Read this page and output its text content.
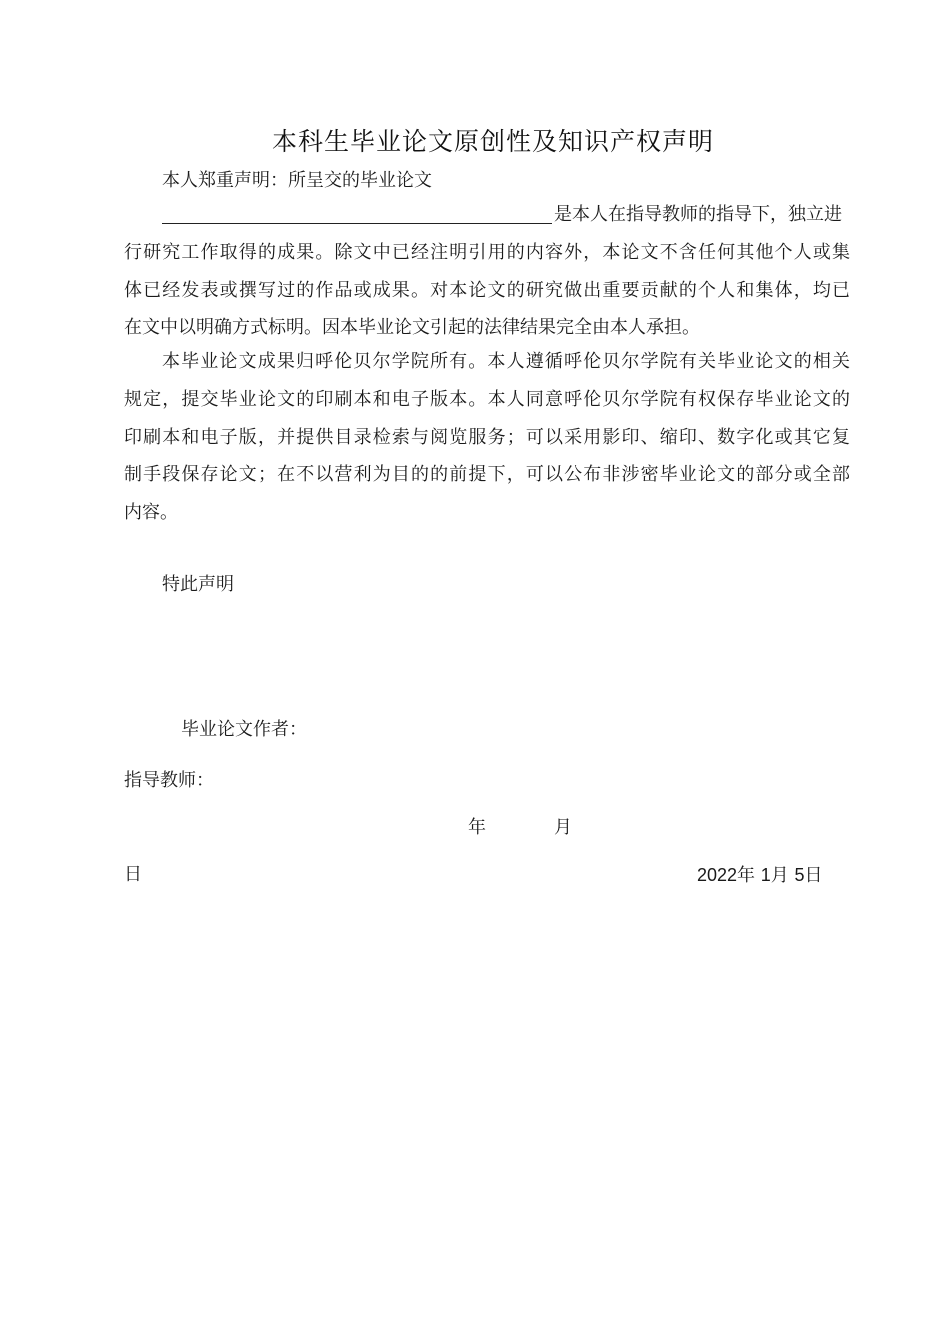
本科生毕业论文原创性及知识产权声明
本人郑重声明：所呈交的毕业论文
是本人在指导教师的指导下，独立进
行研究工作取得的成果。除文中已经注明引用的内容外，本论文不含任何其他个人或集
体已经发表或撰写过的作品或成果。对本论文的研究做出重要贡献的个人和集体，均已
在文中以明确方式标明。因本毕业论文引起的法律结果完全由本人承担。
本毕业论文成果归呼伦贝尔学院所有。本人遵循呼伦贝尔学院有关毕业论文的相关
规定，提交毕业论文的印刷本和电子版本。本人同意呼伦贝尔学院有权保存毕业论文的
印刷本和电子版，并提供目录检索与阅览服务；可以采用影印、缩印、数字化或其它复
制手段保存论文；在不以营利为目的的前提下，可以公布非涉密毕业论文的部分或全部
内容。
特此声明
毕业论文作者：
指导教师：
年	月
日	2022年 1月 5日
